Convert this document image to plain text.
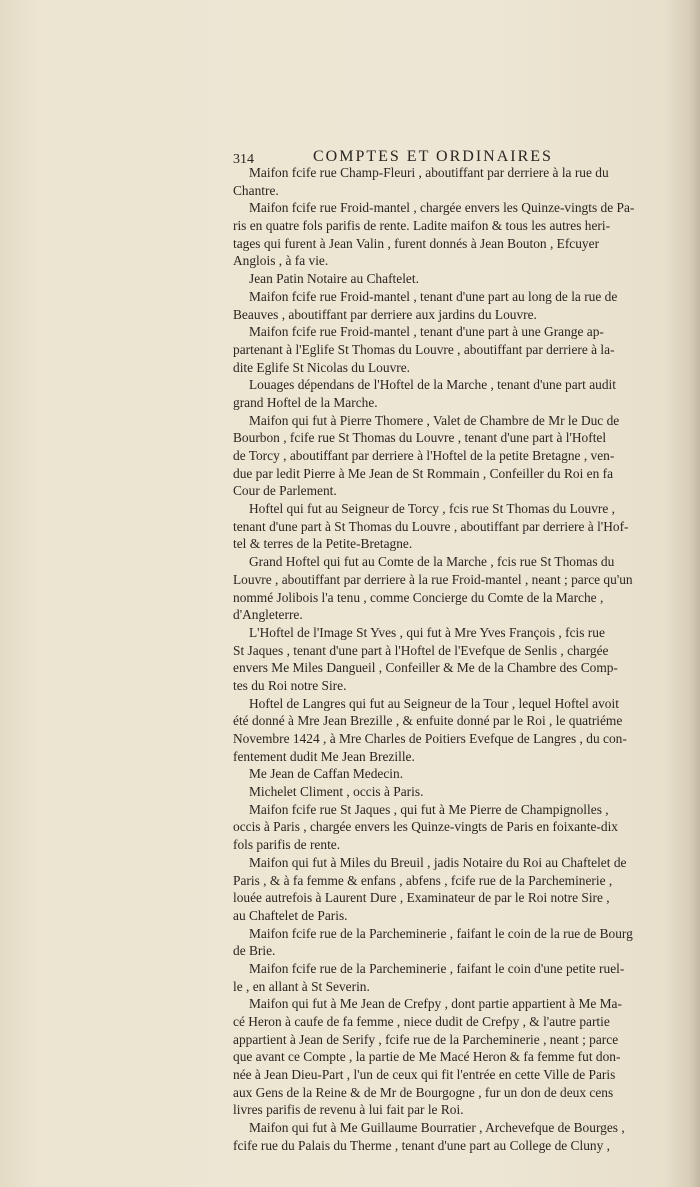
314	COMPTES ET ORDINAIRES
Maifon fcife rue Champ-Fleuri , aboutiffant par derriere à la rue du
Chantre.
Maifon fcife rue Froid-mantel , chargée envers les Quinze-vingts de Pa-
ris en quatre fols parifis de rente. Ladite maifon & tous les autres heri-
tages qui furent à Jean Valin , furent donnés à Jean Bouton , Efcuyer
Anglois , à fa vie.
Jean Patin Notaire au Chaftelet.
Maifon fcife rue Froid-mantel , tenant d'une part au long de la rue de
Beauves , aboutiffant par derriere aux jardins du Louvre.
Maifon fcife rue Froid-mantel , tenant d'une part à une Grange ap-
partenant à l'Eglife St Thomas du Louvre , aboutiffant par derriere à la-
dite Eglife St Nicolas du Louvre.
Louages dépendans de l'Hoftel de la Marche , tenant d'une part audit
grand Hoftel de la Marche.
Maifon qui fut à Pierre Thomere , Valet de Chambre de Mr le Duc de
Bourbon , fcife rue St Thomas du Louvre , tenant d'une part à l'Hoftel
de Torcy , aboutiffant par derriere à l'Hoftel de la petite Bretagne , ven-
due par ledit Pierre à Me Jean de St Rommain , Confeiller du Roi en fa
Cour de Parlement.
Hoftel qui fut au Seigneur de Torcy , fcis rue St Thomas du Louvre ,
tenant d'une part à St Thomas du Louvre , aboutiffant par derriere à l'Hof-
tel & terres de la Petite-Bretagne.
Grand Hoftel qui fut au Comte de la Marche , fcis rue St Thomas du
Louvre , aboutiffant par derriere à la rue Froid-mantel , neant ; parce qu'un
nommé Jolibois l'a tenu , comme Concierge du Comte de la Marche ,
d'Angleterre.
L'Hoftel de l'Image St Yves , qui fut à Mre Yves François , fcis rue
St Jaques , tenant d'une part à l'Hoftel de l'Evefque de Senlis , chargée
envers Me Miles Dangueil , Confeiller & Me de la Chambre des Comp-
tes du Roi notre Sire.
Hoftel de Langres qui fut au Seigneur de la Tour , lequel Hoftel avoit
été donné à Mre Jean Brezille , & enfuite donné par le Roi , le quatriéme
Novembre 1424 , à Mre Charles de Poitiers Evefque de Langres , du con-
fentement dudit Me Jean Brezille.
Me Jean de Caffan Medecin.
Michelet Climent , occis à Paris.
Maifon fcife rue St Jaques , qui fut à Me Pierre de Champignolles ,
occis à Paris , chargée envers les Quinze-vingts de Paris en foixante-dix
fols parifis de rente.
Maifon qui fut à Miles du Breuil , jadis Notaire du Roi au Chaftelet de
Paris , & à fa femme & enfans , abfens , fcife rue de la Parcheminerie ,
louée autrefois à Laurent Dure , Examinateur de par le Roi notre Sire ,
au Chaftelet de Paris.
Maifon fcife rue de la Parcheminerie , faifant le coin de la rue de Bourg
de Brie.
Maifon fcife rue de la Parcheminerie , faifant le coin d'une petite ruel-
le , en allant à St Severin.
Maifon qui fut à Me Jean de Crefpy , dont partie appartient à Me Ma-
cé Heron à caufe de fa femme , niece dudit de Crefpy , & l'autre partie
appartient à Jean de Serify , fcife rue de la Parcheminerie , neant ; parce
que avant ce Compte , la partie de Me Macé Heron & fa femme fut don-
née à Jean Dieu-Part , l'un de ceux qui fit l'entrée en cette Ville de Paris
aux Gens de la Reine & de Mr de Bourgogne , fur un don de deux cens
livres parifis de revenu à lui fait par le Roi.
Maifon qui fut à Me Guillaume Bourratier , Archevefque de Bourges ,
fcife rue du Palais du Therme , tenant d'une part au College de Cluny ,
